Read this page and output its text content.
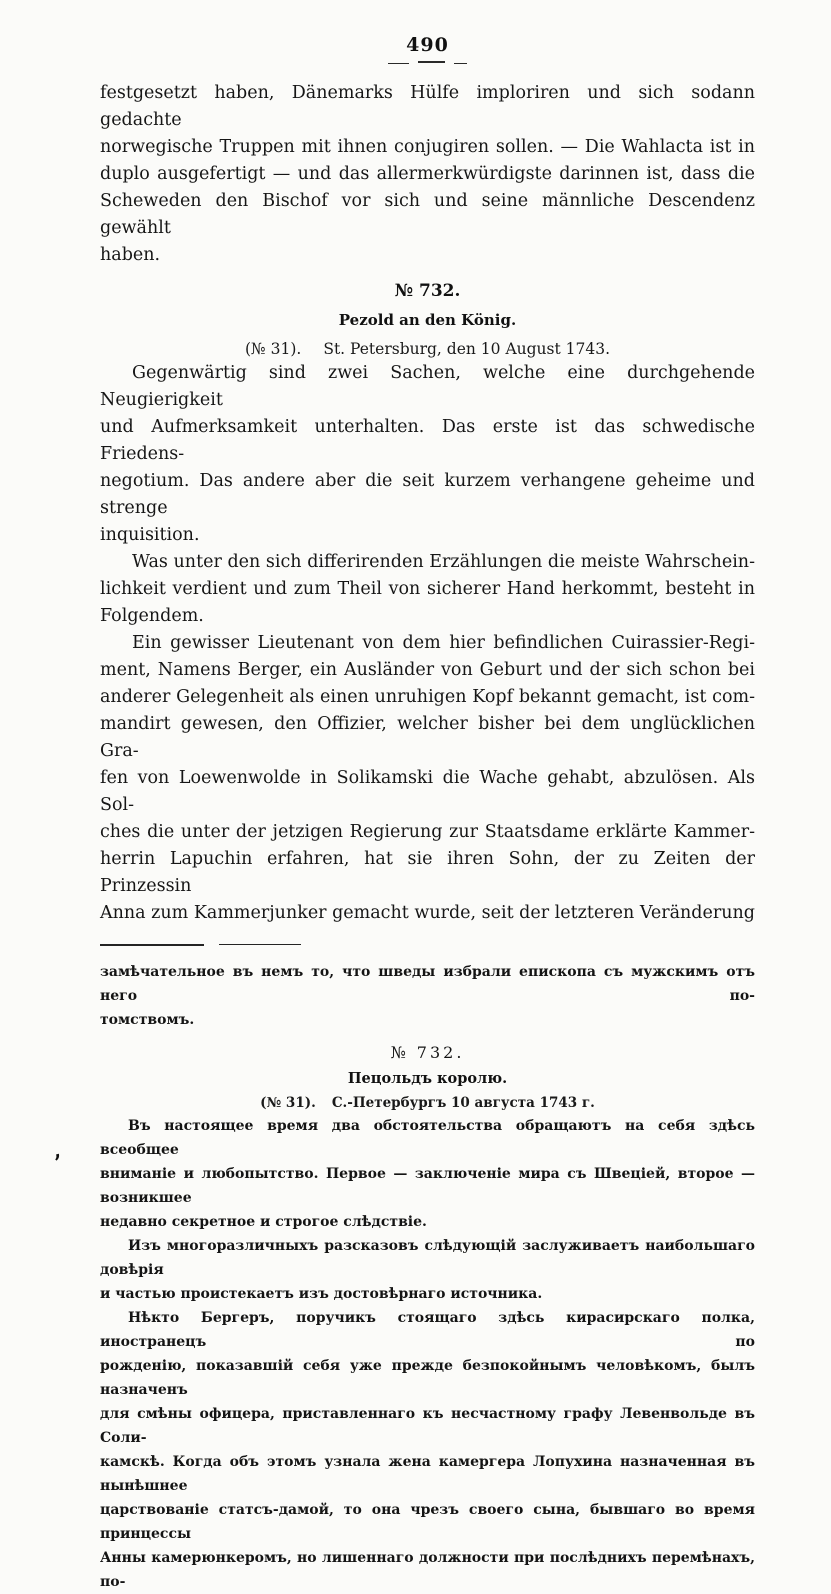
490
festgesetzt haben, Dänemarks Hülfe imploriren und sich sodann gedachte
norwegische Truppen mit ihnen conjugiren sollen. — Die Wahlacta ist in
duplo ausgefertigt — und das allermerkwürdigste darinnen ist, dass die
Scheweden den Bischof vor sich und seine männliche Descendenz gewählt
haben.
№ 732.
Pezold an den König.
(№ 31). St. Petersburg, den 10 August 1743.
Gegenwärtig sind zwei Sachen, welche eine durchgehende Neugierigkeit
und Aufmerksamkeit unterhalten. Das erste ist das schwedische Friedens-
negotium. Das andere aber die seit kurzem verhangene geheime und strenge
inquisition.
Was unter den sich differirenden Erzählungen die meiste Wahrschein-
lichkeit verdient und zum Theil von sicherer Hand herkommt, besteht in
Folgendem.
Ein gewisser Lieutenant von dem hier befindlichen Cuirassier-Regi-
ment, Namens Berger, ein Ausländer von Geburt und der sich schon bei
anderer Gelegenheit als einen unruhigen Kopf bekannt gemacht, ist com-
mandirt gewesen, den Offizier, welcher bisher bei dem unglücklichen Gra-
fen von Loewenwolde in Solikamski die Wache gehabt, abzulösen. Als Sol-
ches die unter der jetzigen Regierung zur Staatsdame erklärte Kammer-
herrin Lapuchin erfahren, hat sie ihren Sohn, der zu Zeiten der Prinzessin
Anna zum Kammerjunker gemacht wurde, seit der letzteren Veränderung
замѣчательное въ немъ то, что шведы избрали епископа съ мужскимъ отъ него по-
томствомъ.
№ 732.
Пецольдъ королю.
(№ 31). С.-Петербургъ 10 августа 1743 г.
Въ настоящее время два обстоятельства обращаютъ на себя здѣсь всеобщее
вниманіе и любопытство. Первое — заключеніе мира съ Швеціей, второе — возникшее
недавно секретное и строгое слѣдствіе.
Изъ многоразличныхъ разсказовъ слѣдующій заслуживаетъ наибольшаго довѣрія
и частью проистекаетъ изъ достовѣрнаго источника.
Нѣкто Бергеръ, поручикъ стоящаго здѣсь кирасирскаго полка, иностранецъ по
рожденію, показавшій себя уже прежде безпокойнымъ человѣкомъ, былъ назначенъ
для смѣны офицера, приставленнаго къ несчастному графу Левенвольде въ Соли-
камскѣ. Когда объ этомъ узнала жена камергера Лопухина назначенная въ нынѣшнее
царствованіе статсъ-дамой, то она чрезъ своего сына, бывшаго во время принцессы
Анны камерюнкеромъ, но лишеннаго должности при послѣднихъ перемѣнахъ, по-
’
